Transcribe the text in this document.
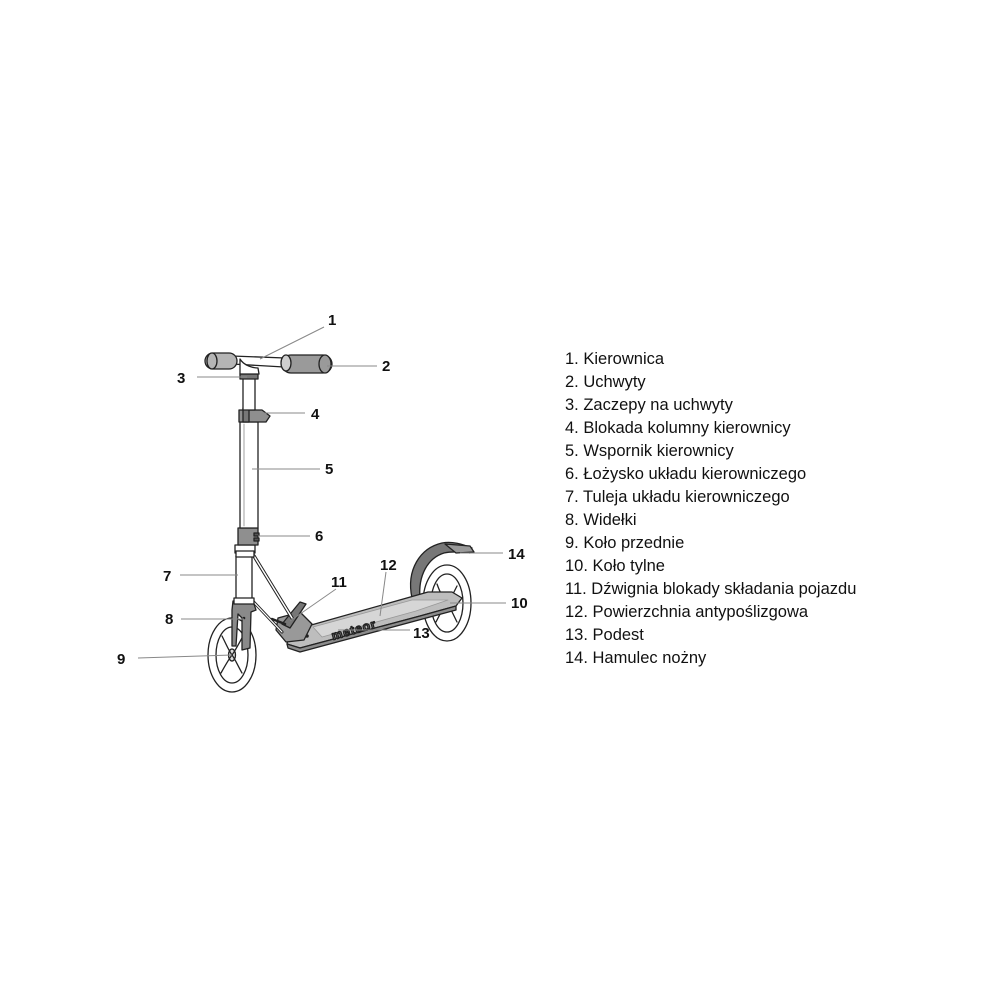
meteor
1
2
3
4
5
6
7
8
9
10
11
12
13
14
1. Kierownica
2. Uchwyty
3. Zaczepy na uchwyty
4. Blokada kolumny kierownicy
5. Wspornik kierownicy
6. Łożysko układu kierowniczego
7. Tuleja układu kierowniczego
8. Widełki
9. Koło przednie
10. Koło tylne
11. Dźwignia blokady składania pojazdu
12. Powierzchnia antypoślizgowa
13. Podest
14. Hamulec nożny
